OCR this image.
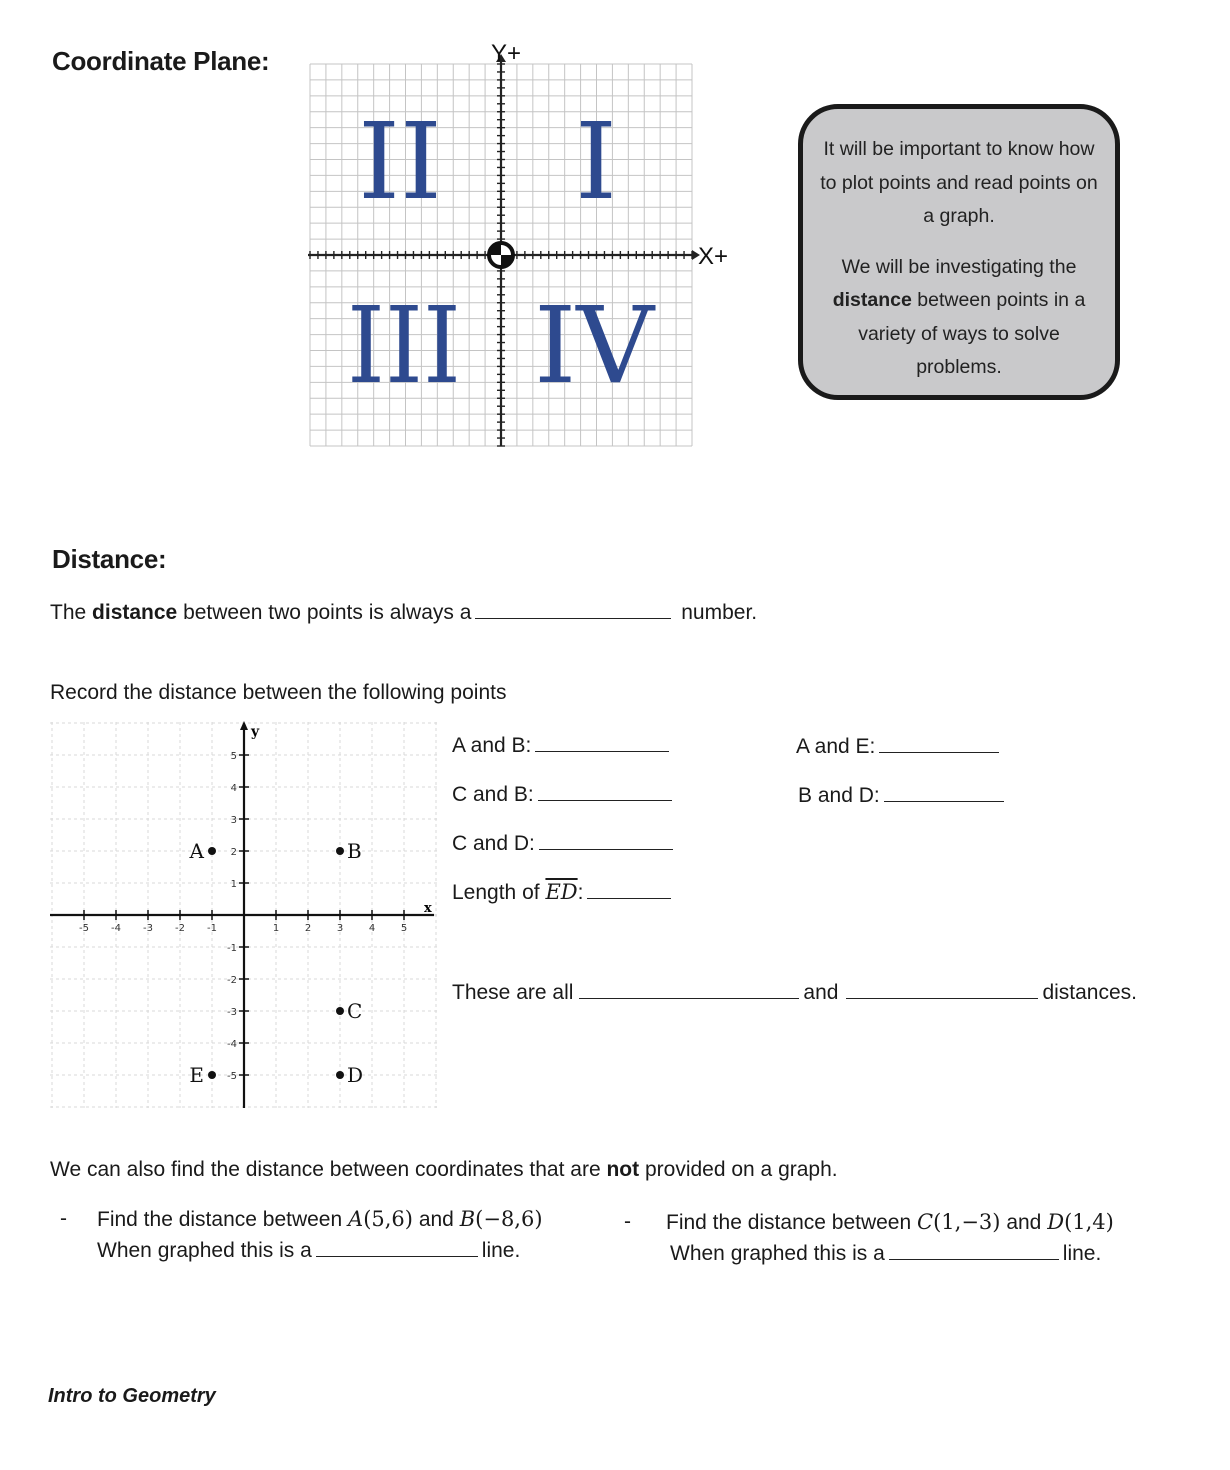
Coordinate Plane:	Y+
X+
II I
III IV

It will be important to know how to plot points and read points on a graph.

We will be investigating the distance between points in a variety of ways to solve problems.

Distance:
The distance between two points is always a	number.
Record the distance between the following points
-5 -4 -3 -2 -1	1	2	3	4	5
5
4
3
2
1
-1
-2
-3
-4
-5
x
y
A	B
C
D
E
A and B:
C and B:
C and D:
Length of $\overline{ED}$:
A and E:
B and D:
These are all	and	distances.
We can also find the distance between coordinates that are not provided on a graph.
- Find the distance between A(5,6) and B(−8,6)
When graphed this is a	line.
- Find the distance between C(1,−3) and D(1,4)
When graphed this is a	line.
Intro to Geometry
